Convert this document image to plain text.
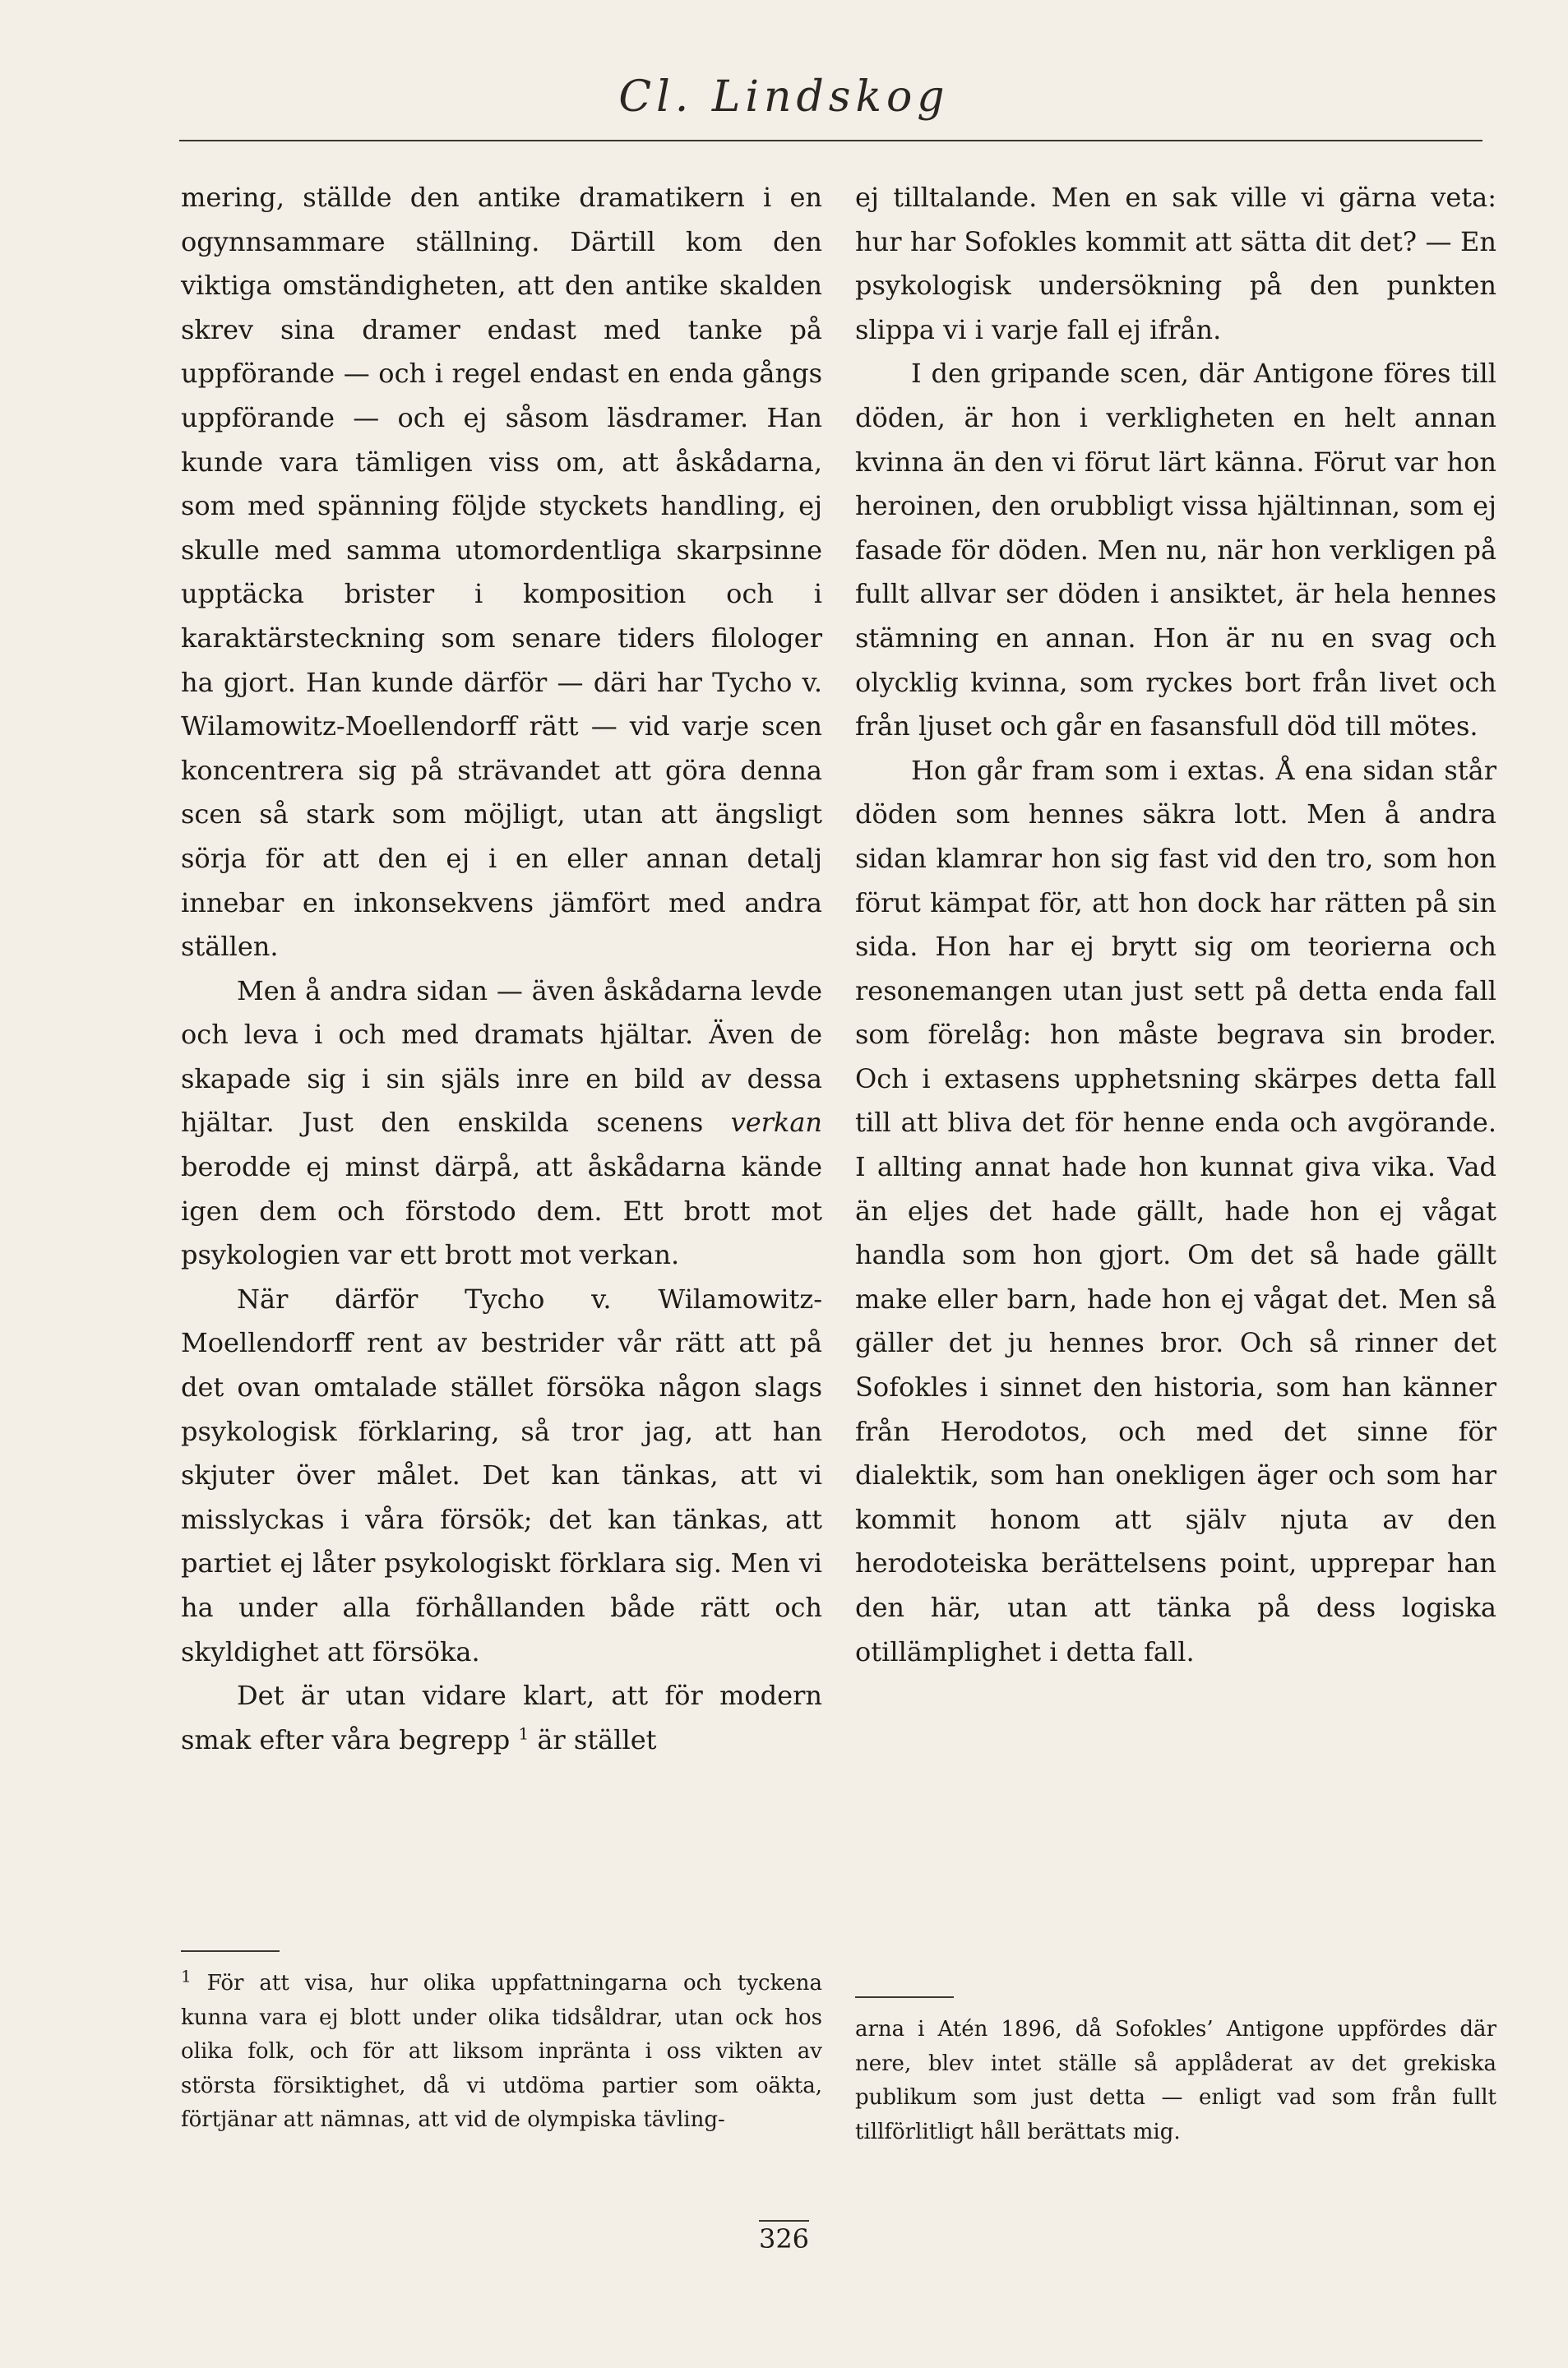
Cl. Lindskog

mering, ställde den antike dramatikern i en ogynnsammare ställning. Därtill kom den viktiga omständigheten, att den antike skalden skrev sina dramer endast med tanke på uppförande — och i regel endast en enda gångs uppförande — och ej såsom läsdramer. Han kunde vara tämligen viss om, att åskådarna, som med spänning följde styckets handling, ej skulle med samma utomordentliga skarpsinne upptäcka brister i komposition och i karaktärsteckning som senare tiders filologer ha gjort. Han kunde därför — däri har Tycho v. Wilamowitz-Moellendorff rätt — vid varje scen koncentrera sig på strävandet att göra denna scen så stark som möjligt, utan att ängsligt sörja för att den ej i en eller annan detalj innebar en inkonsekvens jämfört med andra ställen.

Men å andra sidan — även åskådarna levde och leva i och med dramats hjältar. Även de skapade sig i sin själs inre en bild av dessa hjältar. Just den enskilda scenens verkan berodde ej minst därpå, att åskådarna kände igen dem och förstodo dem. Ett brott mot psykologien var ett brott mot verkan.

När därför Tycho v. Wilamowitz-Moellendorff rent av bestrider vår rätt att på det ovan omtalade stället försöka någon slags psykologisk förklaring, så tror jag, att han skjuter över målet. Det kan tänkas, att vi misslyckas i våra försök; det kan tänkas, att partiet ej låter psykologiskt förklara sig. Men vi ha under alla förhållanden både rätt och skyldighet att försöka.

Det är utan vidare klart, att för modern smak efter våra begrepp $^1$ är stället

$^1$ För att visa, hur olika uppfattningarna och tyckena kunna vara ej blott under olika tidsåldrar, utan ock hos olika folk, och för att liksom inpränta i oss vikten av största försiktighet, då vi utdöma partier som oäkta, förtjänar att nämnas, att vid de olympiska tävling-

ej tilltalande. Men en sak ville vi gärna veta: hur har Sofokles kommit att sätta dit det? — En psykologisk undersökning på den punkten slippa vi i varje fall ej ifrån.

I den gripande scen, där Antigone föres till döden, är hon i verkligheten en helt annan kvinna än den vi förut lärt känna. Förut var hon heroinen, den orubbligt vissa hjältinnan, som ej fasade för döden. Men nu, när hon verkligen på fullt allvar ser döden i ansiktet, är hela hennes stämning en annan. Hon är nu en svag och olycklig kvinna, som ryckes bort från livet och från ljuset och går en fasansfull död till mötes.

Hon går fram som i extas. Å ena sidan står döden som hennes säkra lott. Men å andra sidan klamrar hon sig fast vid den tro, som hon förut kämpat för, att hon dock har rätten på sin sida. Hon har ej brytt sig om teorierna och resonemangen utan just sett på detta enda fall som förelåg: hon måste begrava sin broder. Och i extasens upphetsning skärpes detta fall till att bliva det för henne enda och avgörande. I allting annat hade hon kunnat giva vika. Vad än eljes det hade gällt, hade hon ej vågat handla som hon gjort. Om det så hade gällt make eller barn, hade hon ej vågat det. Men så gäller det ju hennes bror. Och så rinner det Sofokles i sinnet den historia, som han känner från Herodotos, och med det sinne för dialektik, som han onekligen äger och som har kommit honom att själv njuta av den herodoteiska berättelsens point, upprepar han den här, utan att tänka på dess logiska otillämplighet i detta fall.

arna i Atén 1896, då Sofokles’ Antigone uppfördes där nere, blev intet ställe så applåderat av det grekiska publikum som just detta — enligt vad som från fullt tillförlitligt håll berättats mig.
326
